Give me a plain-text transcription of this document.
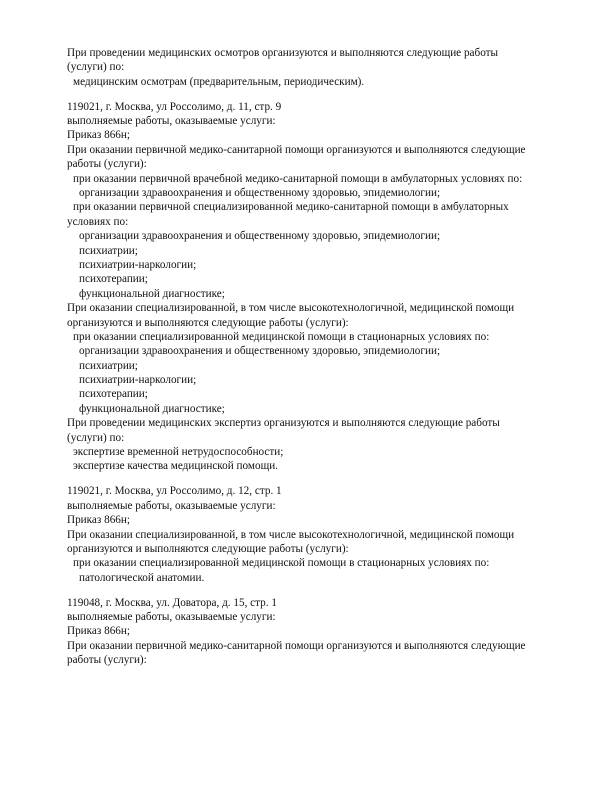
При проведении медицинских осмотров организуются и выполняются следующие работы
(услуги) по:
медицинским осмотрам (предварительным, периодическим).
119021, г. Москва, ул Россолимо, д. 11, стр. 9
выполняемые работы, оказываемые услуги:
Приказ 866н;
При оказании первичной медико-санитарной помощи организуются и выполняются следующие
работы (услуги):
при оказании первичной врачебной медико-санитарной помощи в амбулаторных условиях по:
организации здравоохранения и общественному здоровью, эпидемиологии;
при оказании первичной специализированной медико-санитарной помощи в амбулаторных
условиях по:
организации здравоохранения и общественному здоровью, эпидемиологии;
психиатрии;
психиатрии-наркологии;
психотерапии;
функциональной диагностике;
При оказании специализированной, в том числе высокотехнологичной, медицинской помощи
организуются и выполняются следующие работы (услуги):
при оказании специализированной медицинской помощи в стационарных условиях по:
организации здравоохранения и общественному здоровью, эпидемиологии;
психиатрии;
психиатрии-наркологии;
психотерапии;
функциональной диагностике;
При проведении медицинских экспертиз организуются и выполняются следующие работы
(услуги) по:
экспертизе временной нетрудоспособности;
экспертизе качества медицинской помощи.
119021, г. Москва, ул Россолимо, д. 12, стр. 1
выполняемые работы, оказываемые услуги:
Приказ 866н;
При оказании специализированной, в том числе высокотехнологичной, медицинской помощи
организуются и выполняются следующие работы (услуги):
при оказании специализированной медицинской помощи в стационарных условиях по:
патологической анатомии.
119048, г. Москва, ул. Доватора, д. 15, стр. 1
выполняемые работы, оказываемые услуги:
Приказ 866н;
При оказании первичной медико-санитарной помощи организуются и выполняются следующие
работы (услуги):
